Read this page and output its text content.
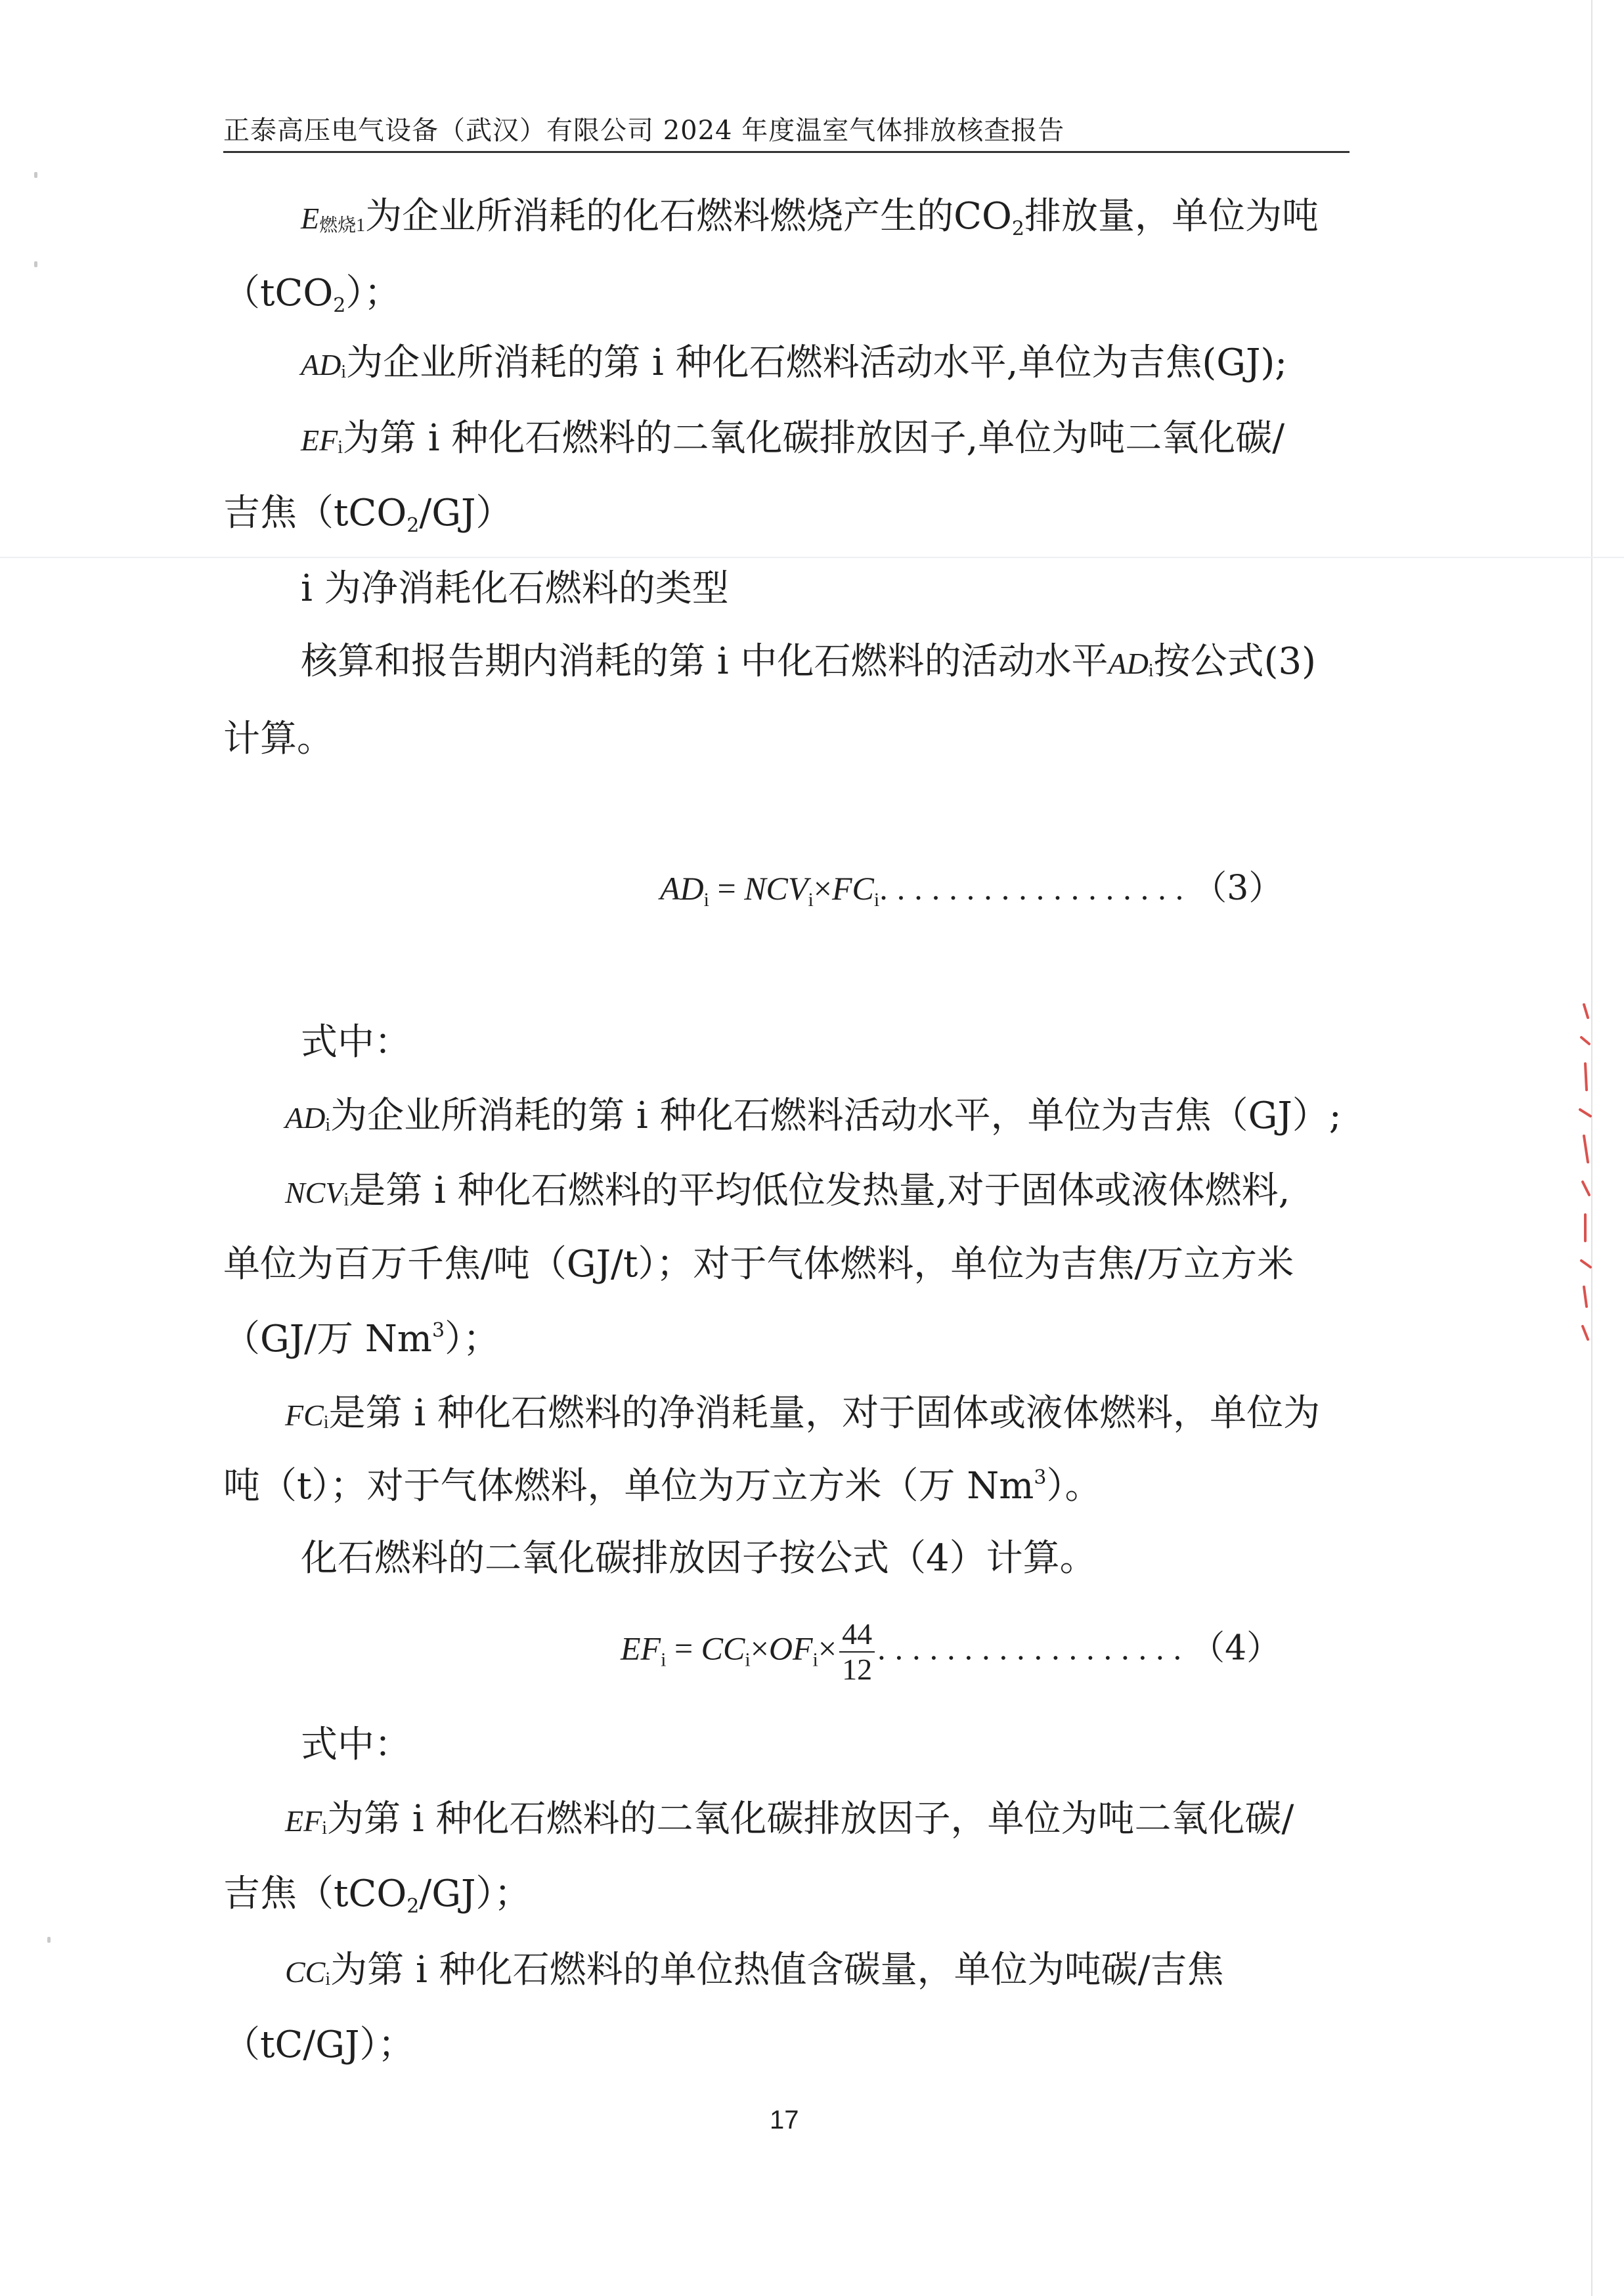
正泰高压电气设备（武汉）有限公司 2024 年度温室气体排放核查报告
E燃烧1为企业所消耗的化石燃料燃烧产生的$CO_2$排放量，单位为吨
（tCO$_2$）；
ADi为企业所消耗的第 i 种化石燃料活动水平,单位为吉焦(GJ);
EFi为第 i 种化石燃料的二氧化碳排放因子,单位为吨二氧化碳/
吉焦（tCO$_2$/GJ）
i 为净消耗化石燃料的类型
核算和报告期内消耗的第 i 中化石燃料的活动水平ADi按公式(3)
计算。
$AD_i = NCV_i\times FC_i..................(3)$
式中：
ADi为企业所消耗的第 i 种化石燃料活动水平，单位为吉焦（GJ）;
NCVi是第 i 种化石燃料的平均低位发热量,对于固体或液体燃料,
单位为百万千焦/吨（GJ/t）；对于气体燃料，单位为吉焦/万立方米
（GJ/万 Nm$^3$）；
FCi是第 i 种化石燃料的净消耗量，对于固体或液体燃料，单位为
吨（t）；对于气体燃料，单位为万立方米（万 Nm$^3$）。
化石燃料的二氧化碳排放因子按公式（4）计算。
$EF_i = CC_i\times OF_i\times \frac{44}{12} ..................(4)$
式中：
EFi为第 i 种化石燃料的二氧化碳排放因子，单位为吨二氧化碳/
吉焦（tCO$_2$/GJ）；
CCi为第 i 种化石燃料的单位热值含碳量，单位为吨碳/吉焦
（tC/GJ）；
17
